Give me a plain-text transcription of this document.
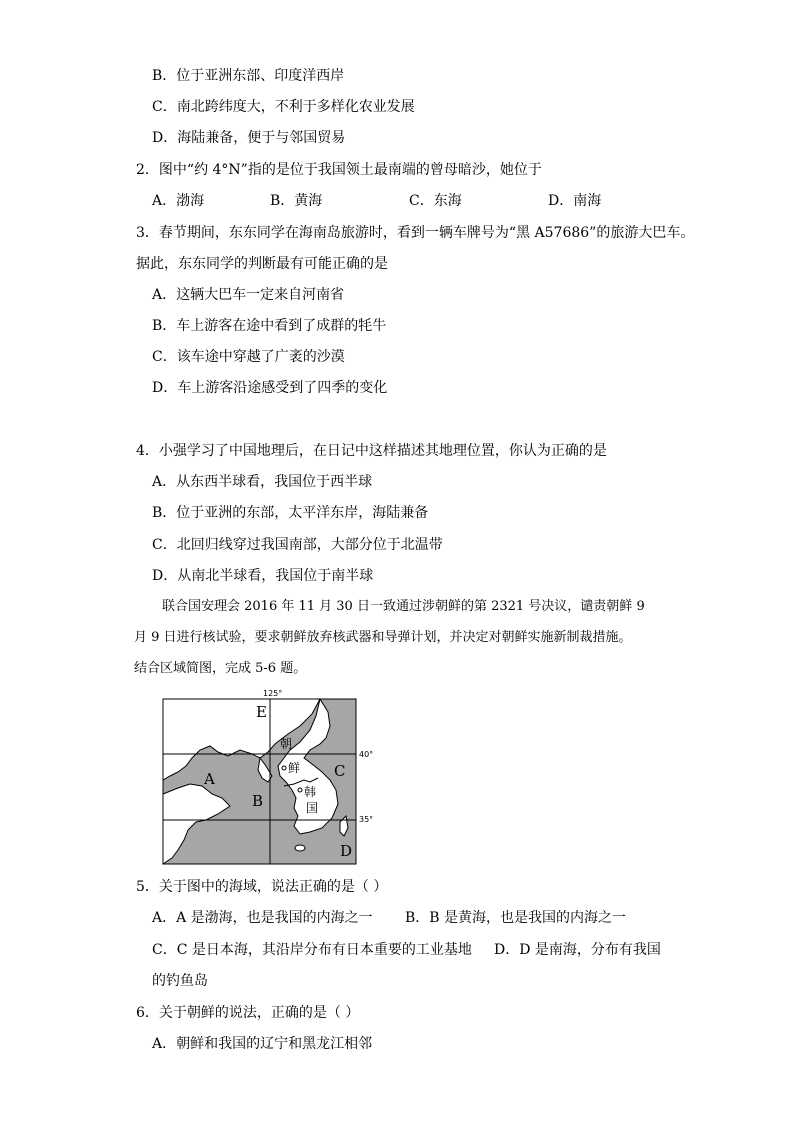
B．位于亚洲东部、印度洋西岸
C．南北跨纬度大，不利于多样化农业发展
D．海陆兼备，便于与邻国贸易
2．图中“约 4°N”指的是位于我国领土最南端的曾母暗沙，她位于
A．渤海	B．黄海	C．东海	D．南海
3．春节期间，东东同学在海南岛旅游时，看到一辆车牌号为“黑 A57686”的旅游大巴车。
据此，东东同学的判断最有可能正确的是
A．这辆大巴车一定来自河南省
B．车上游客在途中看到了成群的牦牛
C．该车途中穿越了广袤的沙漠
D．车上游客沿途感受到了四季的变化
4．小强学习了中国地理后，在日记中这样描述其地理位置，你认为正确的是
A．从东西半球看，我国位于西半球
B．位于亚洲的东部，太平洋东岸，海陆兼备
C．北回归线穿过我国南部，大部分位于北温带
D．从南北半球看，我国位于南半球
联合国安理会 2016 年 11 月 30 日一致通过涉朝鲜的第 2321 号决议，谴责朝鲜 9
月 9 日进行核试验，要求朝鲜放弃核武器和导弹计划，并决定对朝鲜实施新制裁措施。
结合区域简图，完成 5-6 题。
125°
40°
35°
E
A
B
C
D
朝
鲜
韩
国
5．关于图中的海域，说法正确的是（ ）
A．A 是渤海，也是我国的内海之一 B．B 是黄海，也是我国的内海之一
C．C 是日本海，其沿岸分布有日本重要的工业基地 D．D 是南海，分布有我国
的钓鱼岛
6．关于朝鲜的说法，正确的是（ ）
A．朝鲜和我国的辽宁和黑龙江相邻
